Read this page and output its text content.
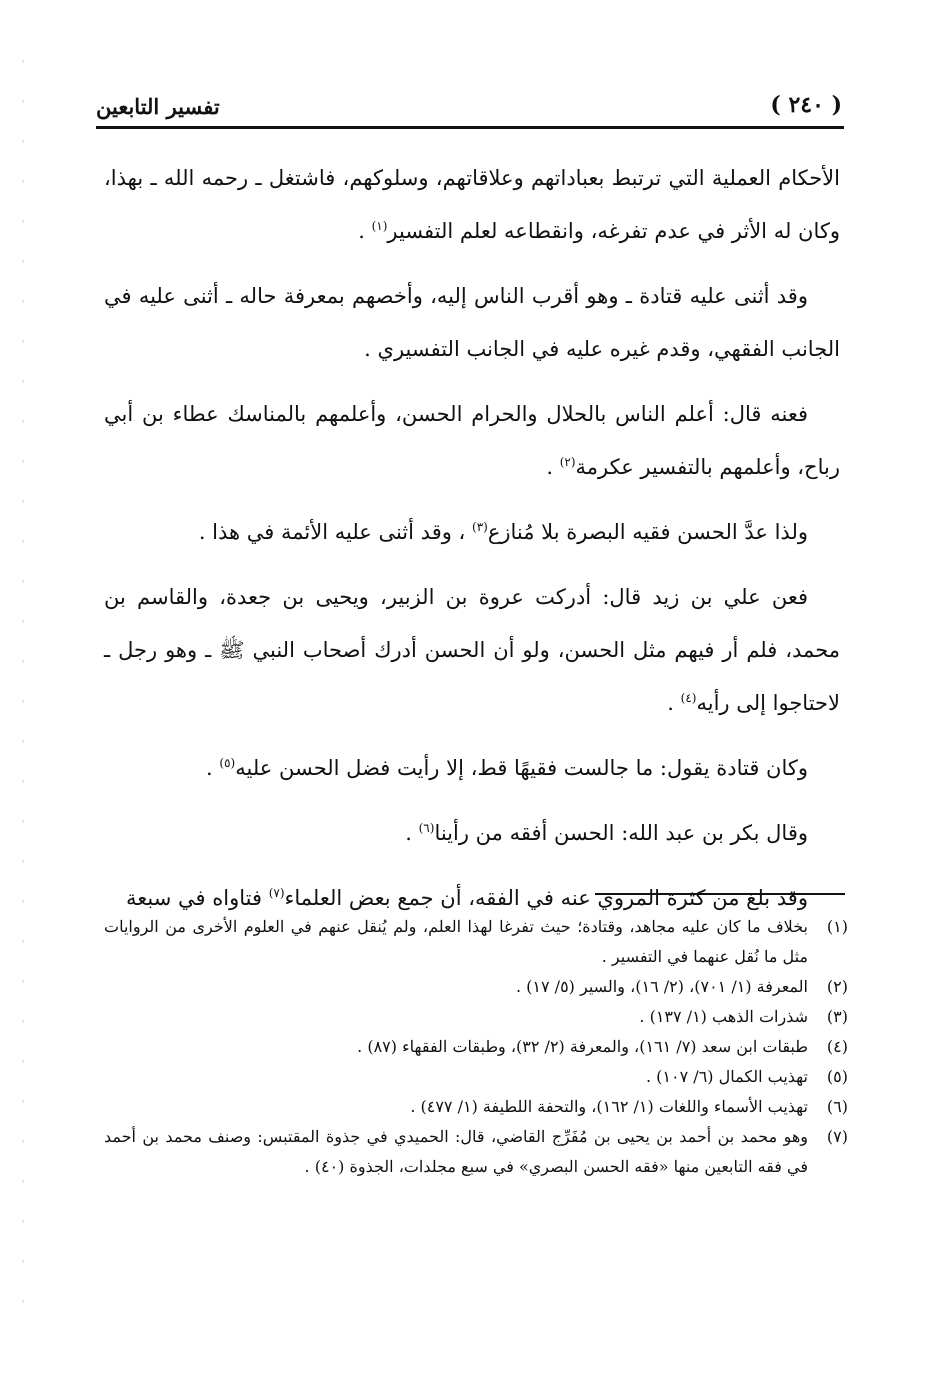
( ٢٤٠ )
تفسير التابعين

الأحكام العملية التي ترتبط بعباداتهم وعلاقاتهم، وسلوكهم، فاشتغل ـ رحمه الله ـ بهذا، وكان له الأثر في عدم تفرغه، وانقطاعه لعلم التفسير$^{(١)}$ .

وقد أثنى عليه قتادة ـ وهو أقرب الناس إليه، وأخصهم بمعرفة حاله ـ أثنى عليه في الجانب الفقهي، وقدم غيره عليه في الجانب التفسيري .

فعنه قال: أعلم الناس بالحلال والحرام الحسن، وأعلمهم بالمناسك عطاء بن أبي رباح، وأعلمهم بالتفسير عكرمة$^{(٢)}$ .

ولذا عدَّ الحسن فقيه البصرة بلا مُنازع$^{(٣)}$ ، وقد أثنى عليه الأئمة في هذا .

فعن علي بن زيد قال: أدركت عروة بن الزبير، ويحيى بن جعدة، والقاسم بن محمد، فلم أر فيهم مثل الحسن، ولو أن الحسن أدرك أصحاب النبي ﷺ ـ وهو رجل ـ لاحتاجوا إلى رأيه$^{(٤)}$ .

وكان قتادة يقول: ما جالست فقيهًا قط، إلا رأيت فضل الحسن عليه$^{(٥)}$ .

وقال بكر بن عبد الله: الحسن أفقه من رأينا$^{(٦)}$ .

وقد بلغ من كثرة المروي عنه في الفقه، أن جمع بعض العلماء$^{(٧)}$ فتاواه في سبعة

(١)
بخلاف ما كان عليه مجاهد، وقتادة؛ حيث تفرغا لهذا العلم، ولم يُنقل عنهم في العلوم الأخرى من الروايات مثل ما نُقل عنهما في التفسير .
(٢)
المعرفة (١/ ٧٠١)، (٢/ ١٦)، والسير (٥/ ١٧) .
(٣)
شذرات الذهب (١/ ١٣٧) .
(٤)
طبقات ابن سعد (٧/ ١٦١)، والمعرفة (٢/ ٣٢)، وطبقات الفقهاء (٨٧) .
(٥)
تهذيب الكمال (٦/ ١٠٧) .
(٦)
تهذيب الأسماء واللغات (١/ ١٦٢)، والتحفة اللطيفة (١/ ٤٧٧) .
(٧)
وهو محمد بن أحمد بن يحيى بن مُفَرِّج القاضي، قال: الحميدي في جذوة المقتبس: وصنف محمد بن أحمد في فقه التابعين منها «فقه الحسن البصري» في سبع مجلدات، الجذوة (٤٠) .
